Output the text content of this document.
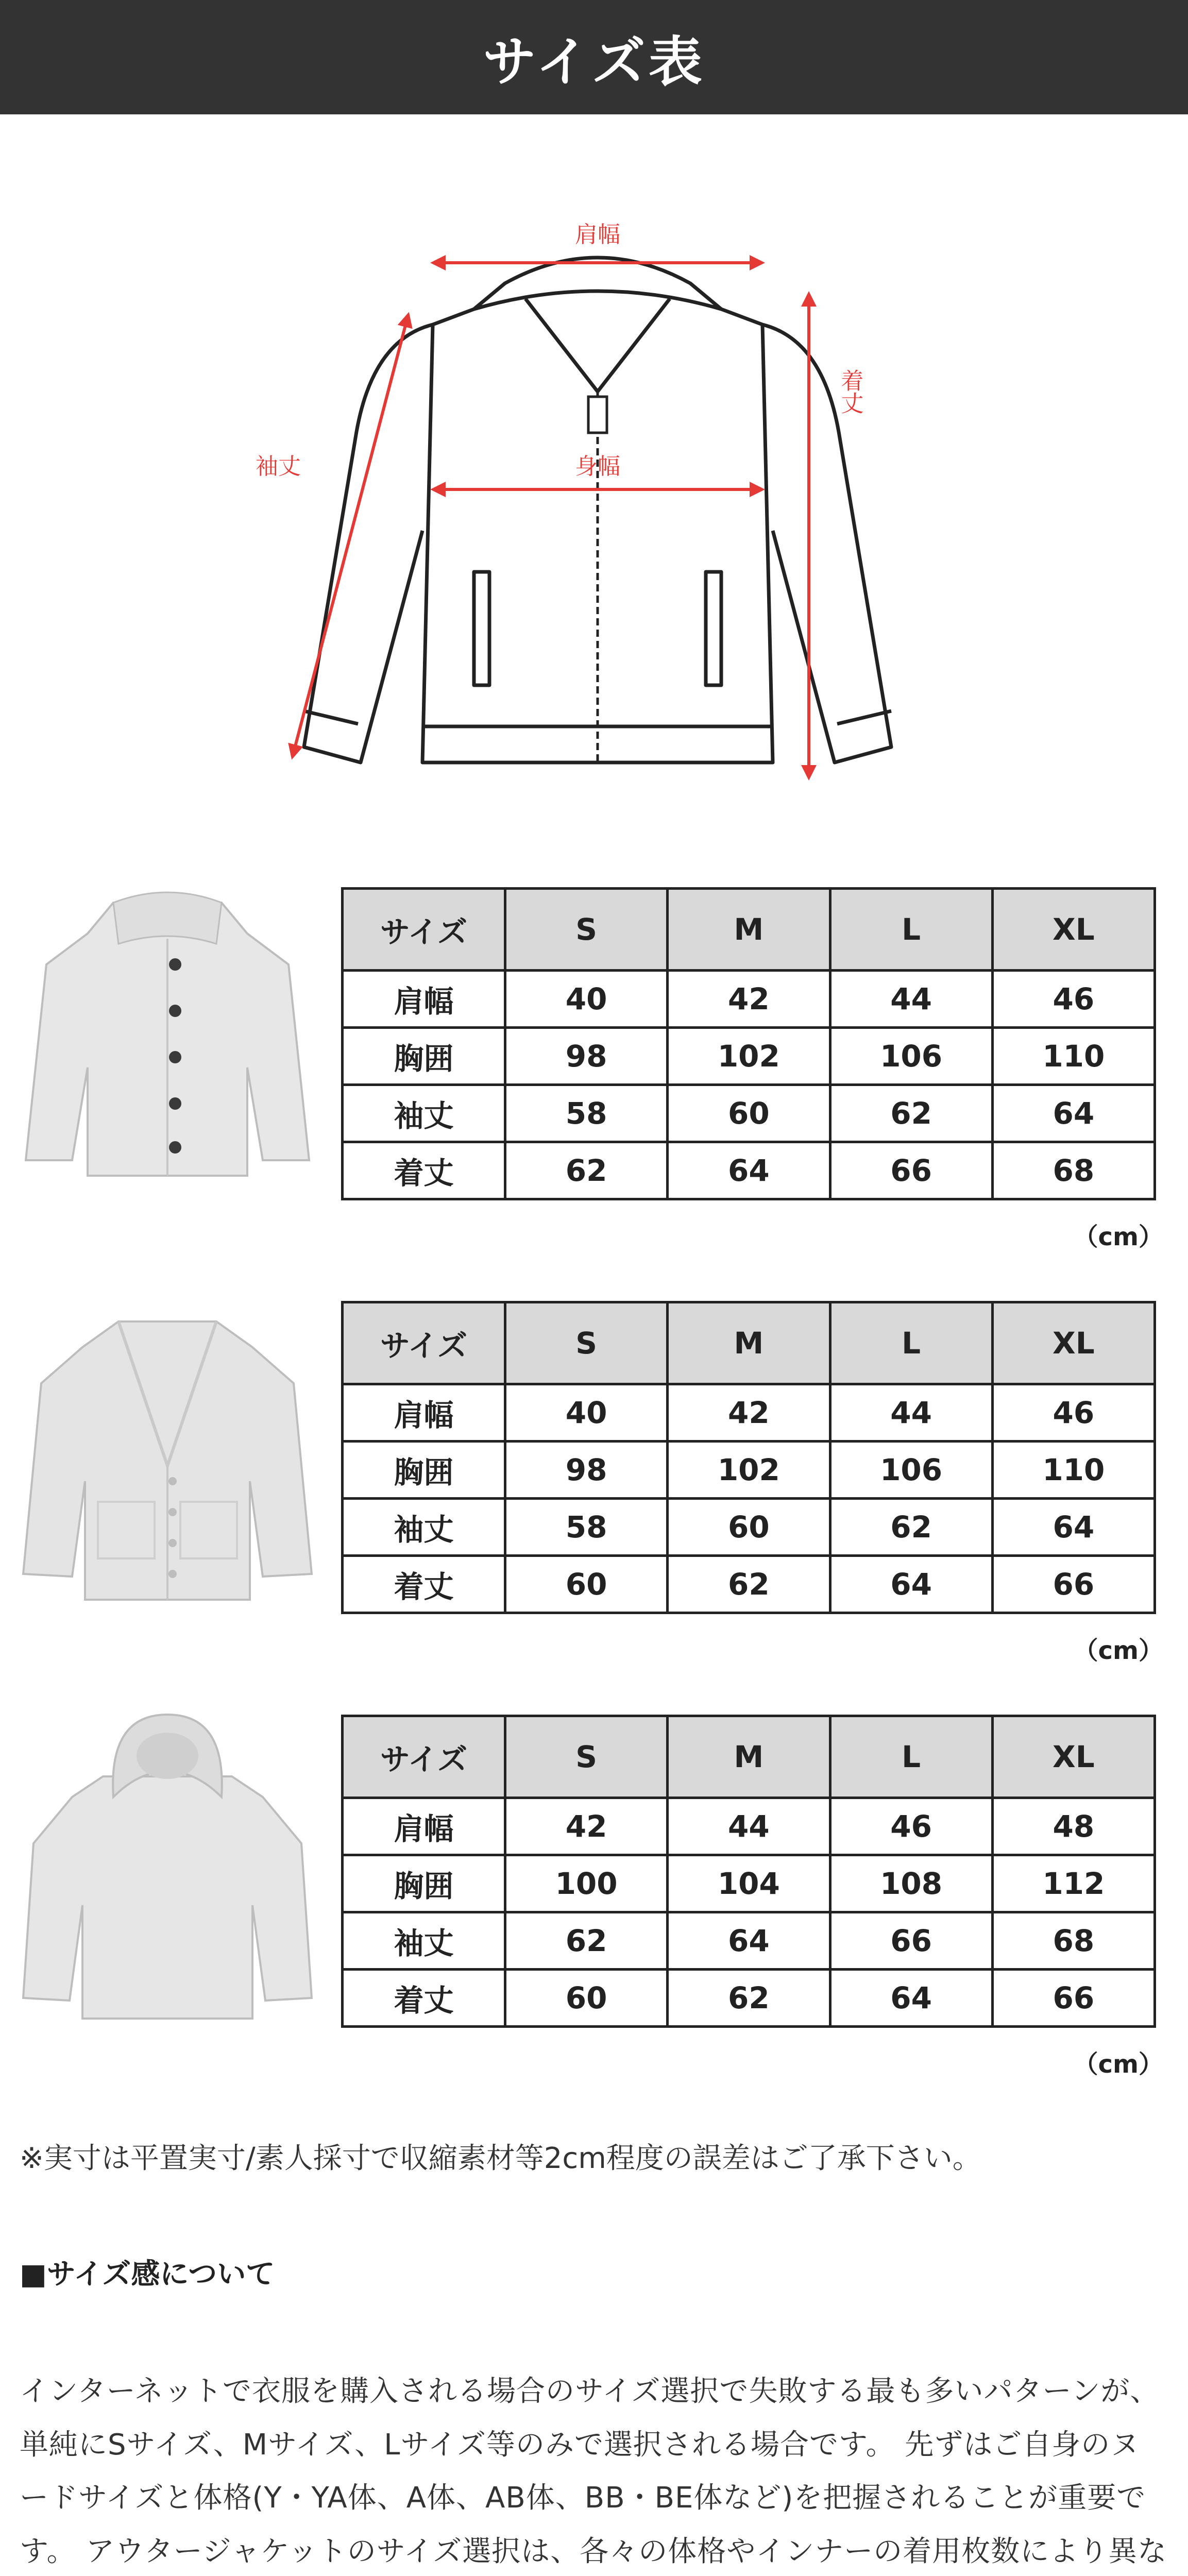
サイズ表
肩幅
身幅
袖丈
着丈
サイズ	S	M	L	XL
肩幅	40	42	44	46
胸囲	98	102	106	110
袖丈	58	60	62	64
着丈	62	64	66	68
（cm）
サイズ	S	M	L	XL
肩幅	40	42	44	46
胸囲	98	102	106	110
袖丈	58	60	62	64
着丈	60	62	64	66
（cm）
サイズ	S	M	L	XL
肩幅	42	44	46	48
胸囲	100	104	108	112
袖丈	62	64	66	68
着丈	60	62	64	66
（cm）
※実寸は平置実寸/素人採寸で収縮素材等2cm程度の誤差はご了承下さい。
■サイズ感について
インターネットで衣服を購入される場合のサイズ選択で失敗する最も多いパターンが、単純にSサイズ、Mサイズ、Lサイズ等のみで選択される場合です。 先ずはご自身のヌードサイズと体格(Y・YA体、A体、AB体、BB・BE体など)を把握されることが重要です。 アウタージャケットのサイズ選択は、各々の体格やインナーの着用枚数により異な
